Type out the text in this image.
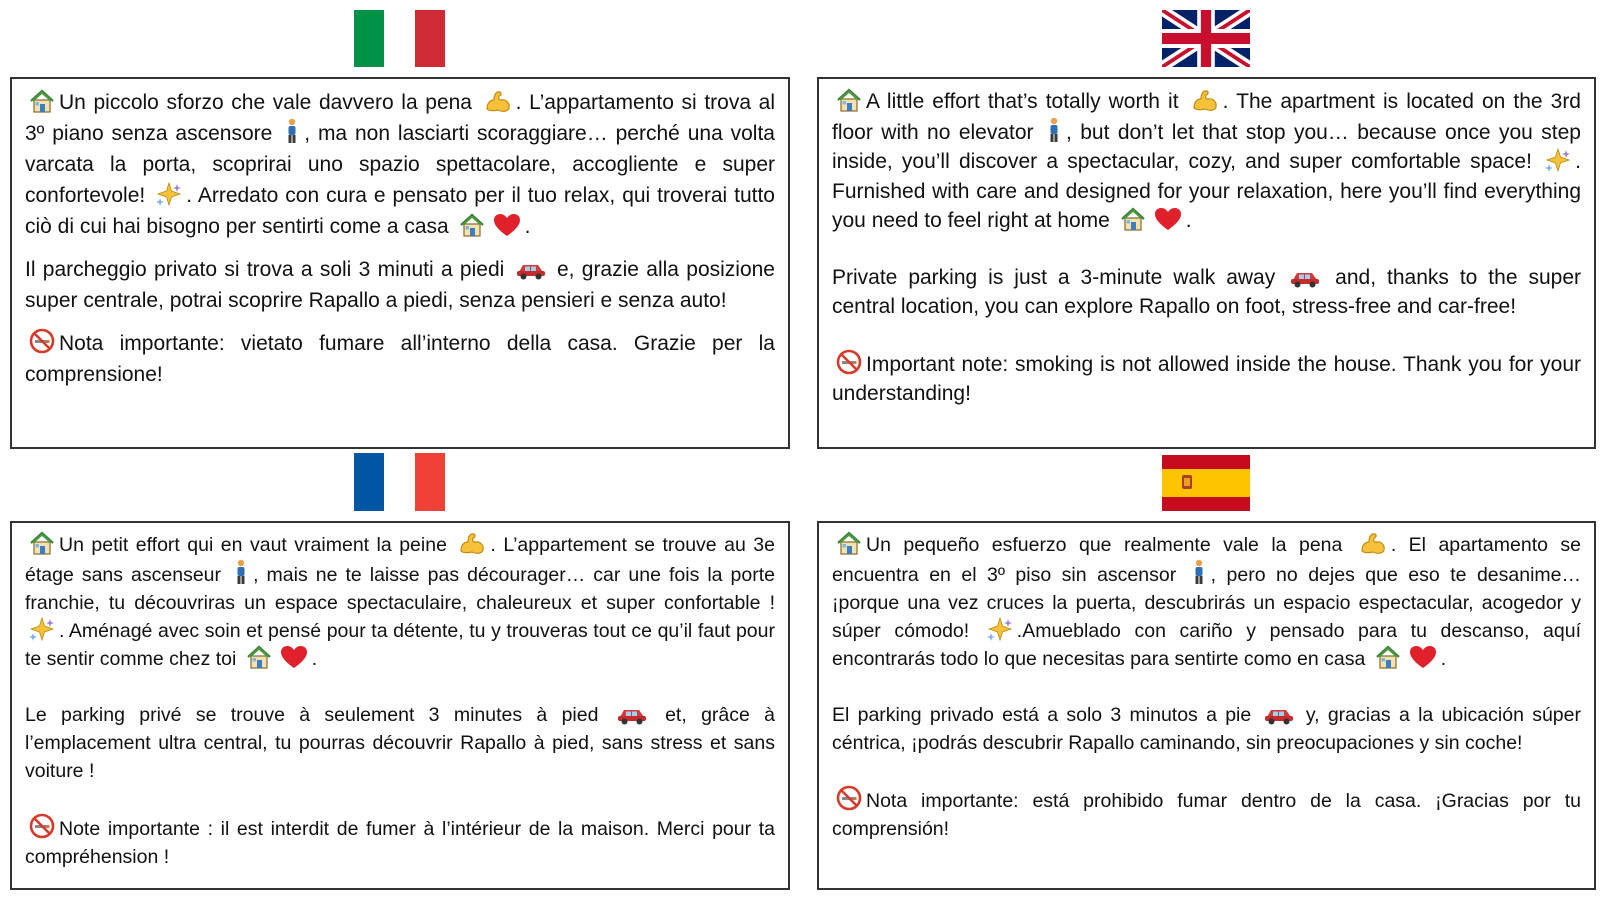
Un piccolo sforzo che vale davvero la pena . L’appartamento si trova al 3º piano senza ascensore , ma non lasciarti scoraggiare… perché una volta varcata la porta, scoprirai uno spazio spettacolare, accogliente e super confortevole! . Arredato con cura e pensato per il tuo relax, qui troverai tutto ciò di cui hai bisogno per sentirti come a casa	.

Il parcheggio privato si trova a soli 3 minuti a piedi	e, grazie alla posizione super centrale, potrai scoprire Rapallo a piedi, senza pensieri e senza auto!

Nota importante: vietato fumare all’interno della casa. Grazie per la comprensione!

A little effort that’s totally worth it . The apartment is located on the 3rd floor with no elevator , but don’t let that stop you… because once you step inside, you’ll discover a spectacular, cozy, and super comfortable space! . Furnished with care and designed for your relaxation, here you’ll find everything you need to feel right at home	.

Private parking is just a 3-minute walk away	and, thanks to the super central location, you can explore Rapallo on foot, stress-free and car-free!

Important note: smoking is not allowed inside the house. Thank you for your understanding!

Un petit effort qui en vaut vraiment la peine . L’appartement se trouve au 3e étage sans ascenseur , mais ne te laisse pas décourager… car une fois la porte franchie, tu découvriras un espace spectaculaire, chaleureux et super confortable !
. Aménagé avec soin et pensé pour ta détente, tu y trouveras tout ce qu’il faut pour te sentir comme chez toi	.

Le parking privé se trouve à seulement 3 minutes à pied	et, grâce à l’emplacement ultra central, tu pourras découvrir Rapallo à pied, sans stress et sans voiture !

Note importante : il est interdit de fumer à l’intérieur de la maison. Merci pour ta compréhension !

Un pequeño esfuerzo que realmente vale la pena . El apartamento se encuentra en el 3º piso sin ascensor , pero no dejes que eso te desanime… ¡porque una vez cruces la puerta, descubrirás un espacio espectacular, acogedor y súper cómodo! .Amueblado con cariño y pensado para tu descanso, aquí encontrarás todo lo que necesitas para sentirte como en casa	.

El parking privado está a solo 3 minutos a pie	y, gracias a la ubicación súper céntrica, ¡podrás descubrir Rapallo caminando, sin preocupaciones y sin coche!

Nota importante: está prohibido fumar dentro de la casa. ¡Gracias por tu comprensión!
